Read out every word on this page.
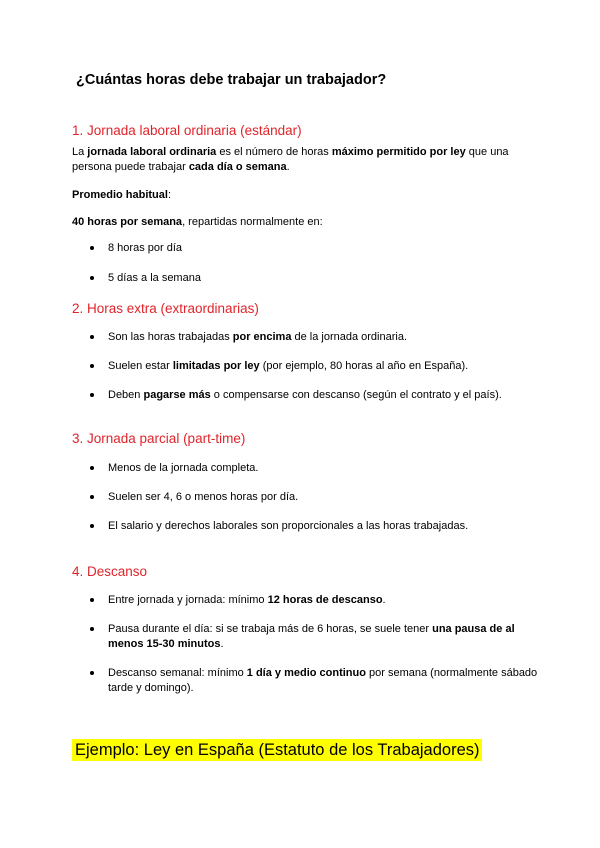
¿Cuántas horas debe trabajar un trabajador?
1. Jornada laboral ordinaria (estándar)
La jornada laboral ordinaria es el número de horas máximo permitido por ley que una persona puede trabajar cada día o semana.
Promedio habitual:
40 horas por semana, repartidas normalmente en:
8 horas por día
5 días a la semana
2. Horas extra (extraordinarias)
Son las horas trabajadas por encima de la jornada ordinaria.
Suelen estar limitadas por ley (por ejemplo, 80 horas al año en España).
Deben pagarse más o compensarse con descanso (según el contrato y el país).
3. Jornada parcial (part-time)
Menos de la jornada completa.
Suelen ser 4, 6 o menos horas por día.
El salario y derechos laborales son proporcionales a las horas trabajadas.
4. Descanso
Entre jornada y jornada: mínimo 12 horas de descanso.
Pausa durante el día: si se trabaja más de 6 horas, se suele tener una pausa de al menos 15-30 minutos.
Descanso semanal: mínimo 1 día y medio continuo por semana (normalmente sábado tarde y domingo).
Ejemplo: Ley en España (Estatuto de los Trabajadores)
